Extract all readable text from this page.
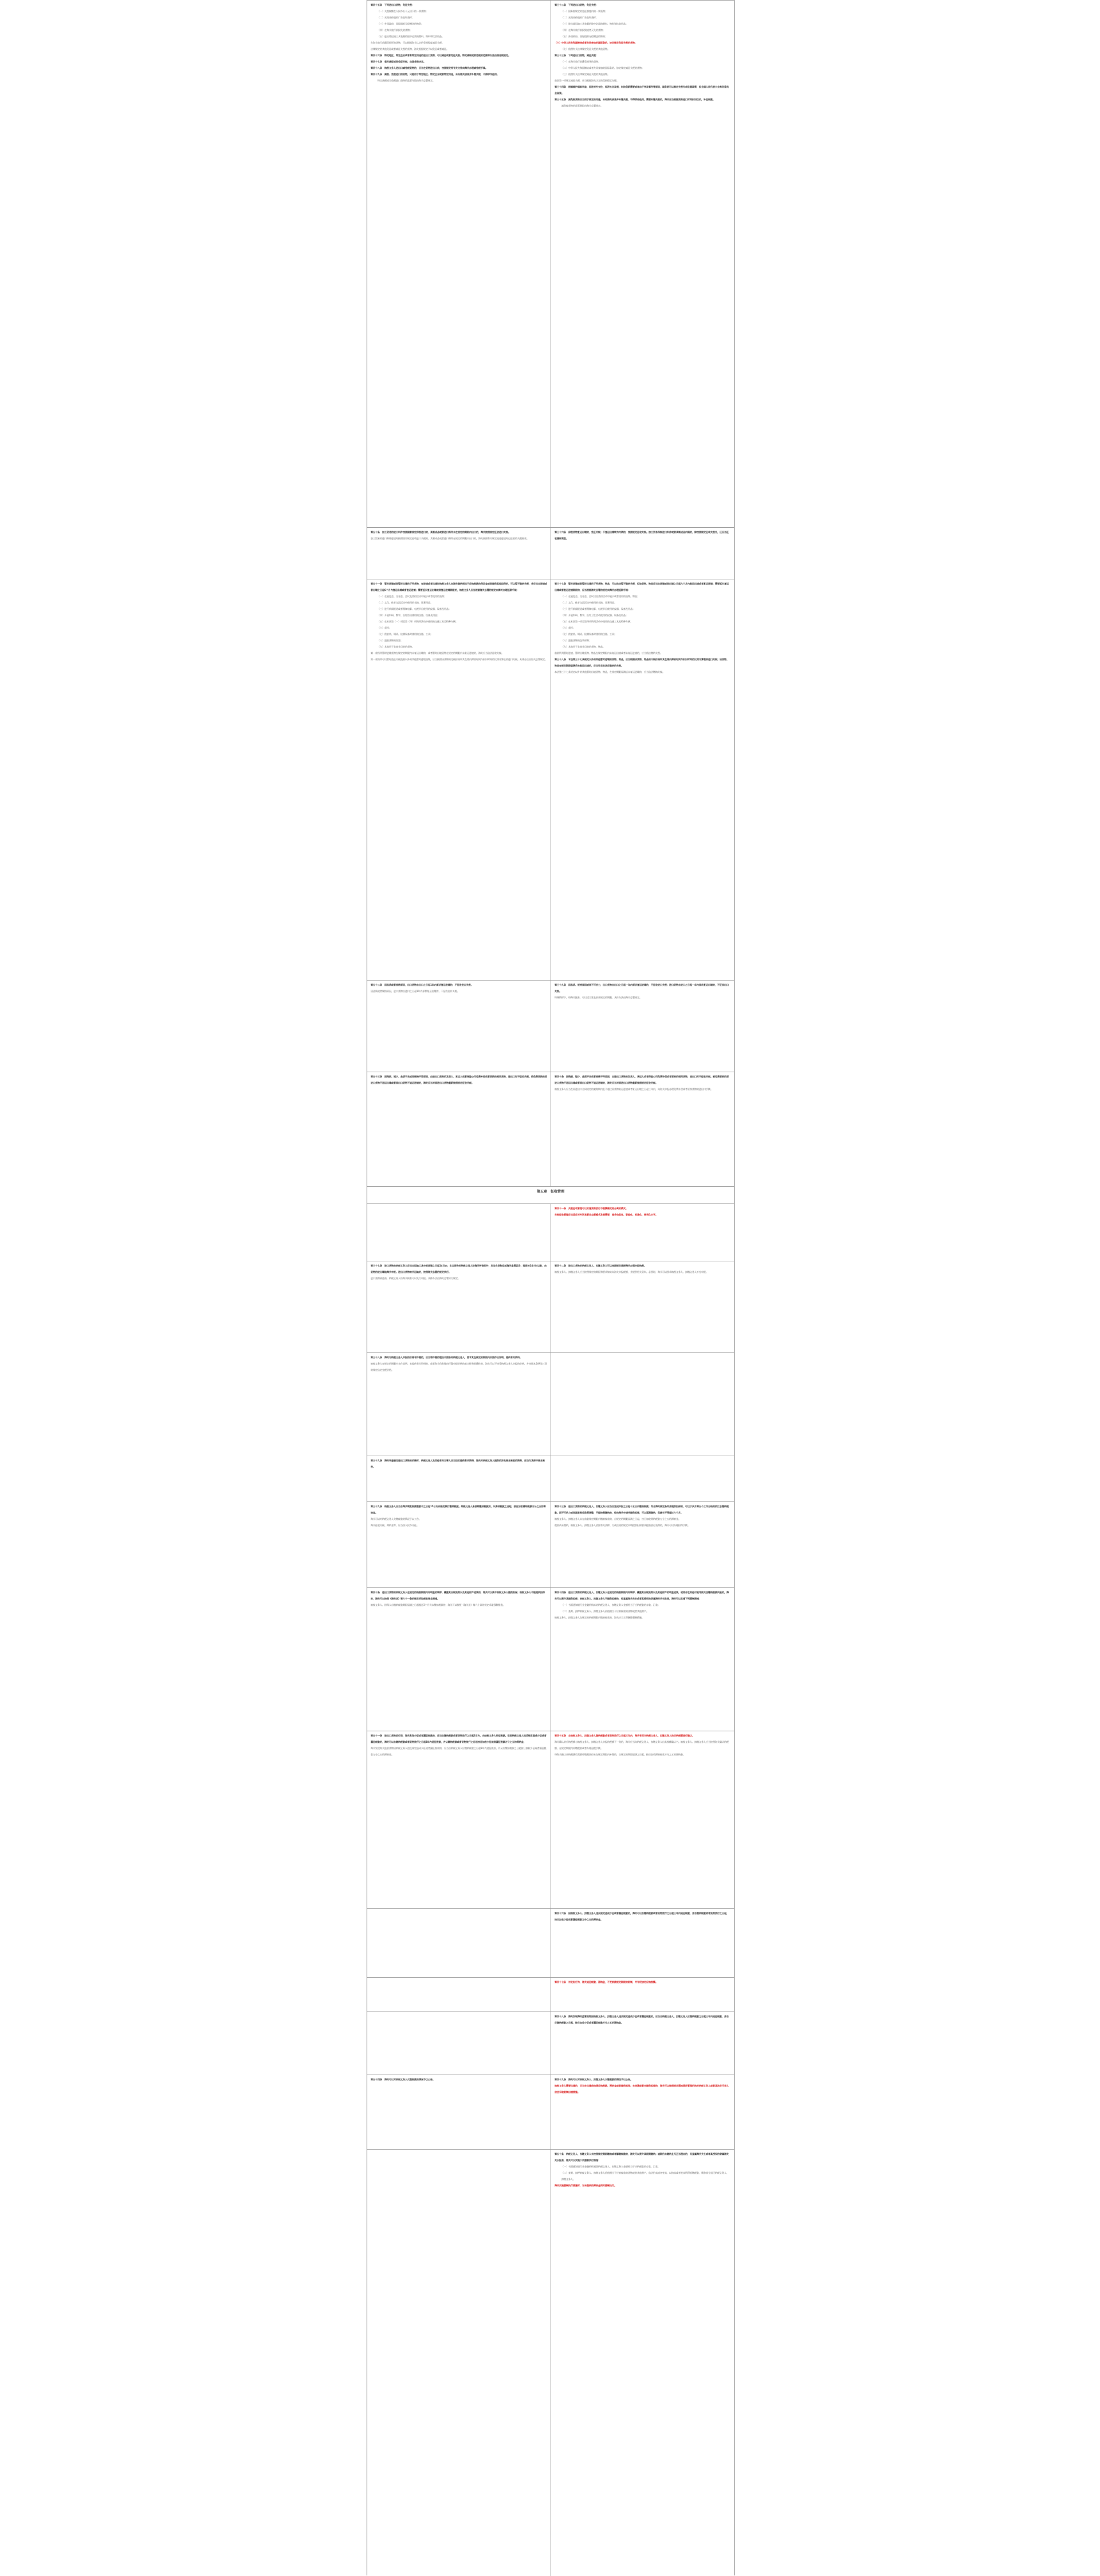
第四十五条　下列进出口货物，免征关税：

（一）关税税额在人民币五十元以下的一票货物；

（二）无商业价值的广告品和货样；

（三）外国政府、国际组织无偿赠送的物资；

（四）在海关放行前损失的货物；

（五）进出境运输工具装载的途中必需的燃料、物料和饮食用品。

在海关放行前遭受损坏的货物，可以根据海关认定的受损程度减征关税。

法律规定的其他免征或者减征关税的货物，海关根据规定予以免征或者减征。

第四十六条　特定地区、特定企业或者有特定用途的进出口货物，可以减征或者免征关税。特定减税或者免税的范围和办法由国务院规定。

第四十七条　临时减征或者免征关税，由国务院决定。

第四十八条　纳税义务人进出口减免税货物的，应当在货物进出口前，按照规定持有关文件向海关办理减免税手续。

第四十九条　减税、免税进口的货物，只能用于特定地区、特定企业或者特定用途，未经海关核准并补缴关税，不得移作他用。

特定减税或者免税进口货物的监管年限由海关总署规定。

第三十二条　下列进出口货物，免征关税：

（一）国务院规定的免征额度内的一票货物；

（二）无商业价值的广告品和货样；

（三）进出境运输工具装载的途中必需的燃料、物料和饮食用品；

（四）在海关放行前损毁或者灭失的货物；

（五）外国政府、国际组织无偿赠送的物资；

（六）中华人民共和国缔结或者共同参加的国际条约、协定规定免征关税的货物；

（七）依照有关法律规定免征关税的其他货物。

第三十三条　下列进出口货物，减征关税：

（一）在海关放行前遭受损坏的货物；

（二）中华人民共和国缔结或者共同参加的国际条约、协定规定减征关税的货物；

（三）依照有关法律规定减征关税的其他货物。

前款第一项规定减征关税，应当根据海关认定的受损程度办理。

第三十四条　根据维护国家利益、促进对外交往、经济社会发展、科技创新需要或者由于突发事件等原因，国务院可以制定关税专项优惠政策，报全国人民代表大会常务委员会备案。

第三十五条　减免税货物应当用于规定的用途，未经海关核准并补缴关税，不得移作他用。需要补缴关税的，海关应当根据货物进口时间折旧估价，补征税款。

减免税货物的监管期限由海关总署规定。

第五十条　加工贸易的进口料件按照国家规定保税进口的，其制成品或者进口料件未在规定的期限内出口的，海关按照规定征收进口关税。

加工贸易的进口料件进境时按照国家规定征收进口关税的，其制成品或者进口料件在规定的期限内出口的，海关按照有关规定退还进境时已征收的关税税款。

第三十六条　保税货物复运出境的，免征关税；不复运出境转为内销的，按照规定征收关税。加工贸易保税进口料件或者其制成品内销的，除按照规定征收关税外，还应当征收缓税利息。

第五十一条　暂时进境或者暂时出境的下列货物，在进境或者出境时纳税义务人向海关缴纳相当于应纳税款的保证金或者提供其他担保的，可以暂不缴纳关税，并应当自进境或者出境之日起6个月内复运出境或者复运进境；需要延长复运出境或者复运进境期限的，纳税义务人应当根据海关总署的规定向海关办理延期手续：

（一）在展览会、交易会、会议及类似活动中展示或者使用的货物；

（二）文化、体育交流活动中使用的表演、比赛用品；

（三）进行新闻报道或者摄制电影、电视节目使用的仪器、设备及用品；

（四）开展科研、教学、医疗活动使用的仪器、设备及用品；

（五）在本款第（一）项至第（四）项所列活动中使用的交通工具及特种车辆；

（六）货样；

（七）供安装、调试、检测设备时使用的仪器、工具；

（八）盛装货物的容器；

（九）其他用于非商业目的的货物。

第一款所列暂时进境货物在规定的期限内未复运出境的，或者暂时出境货物在规定的期限内未复运进境的，海关应当依法征收关税。

第一款所列可以暂时免征关税范围以外的其他暂时进境货物，应当按照该货物的完税价格和其在境内滞留时间与折旧时间的比例计算征收进口关税。具体办法由海关总署规定。

第三十七条　暂时进境或者暂时出境的下列货物、物品，可以依法暂不缴纳关税，但该货物、物品应当自进境或者出境之日起六个月内复运出境或者复运进境；需要延长复运出境或者复运进境期限的，应当根据海关总署的规定向海关办理延期手续：

（一）在展览会、交易会、会议以及类似活动中展示或者使用的货物、物品；

（二）文化、体育交流活动中使用的表演、比赛用品；

（三）进行新闻报道或者摄制电影、电视节目使用的仪器、设备及用品；

（四）开展科研、教学、医疗卫生活动使用的仪器、设备及用品；

（五）在本款第一项至第四项所列活动中使用的交通工具及特种车辆；

（六）货样；

（七）供安装、调试、检测设备时使用的仪器、工具；

（八）盛装货物的包装材料；

（九）其他用于非商业目的的货物、物品。

前款所列暂时进境、暂时出境货物、物品在规定期限内未复运出境或者未复运进境的，应当依法缴纳关税。

第三十八条　本法第三十七条规定以外的其他暂时进境的货物、物品，应当根据该货物、物品的计税价格和其在境内滞留时间与折旧时间的比例计算缴纳进口关税；该货物、物品在规定期限届满后未复运出境的，应当补足依法应缴纳的关税。

本法第三十七条规定以外的其他暂时出境货物、物品，在规定期限届满后未复运进境的，应当依法缴纳关税。

第五十二条　因品质或者规格原因，出口货物自出口之日起1年内原状复运进境的，不征收进口关税。

因品质或者规格原因，进口货物自进口之日起1年内原状复运出境的，不征收出口关税。

第三十九条　因品质、规格原因或者不可抗力，出口货物自出口之日起一年内原状复运进境的，不征收进口关税；进口货物自进口之日起一年内原状复运出境的，不征收出口关税。

特殊情形下，经海关批准，可以适当延长前款规定的期限，具体办法由海关总署规定。

第五十三条　因残损、短少、品质不良或者规格不符原因，由进出口货物的发货人、承运人或者保险公司免费补偿或者更换的相同货物，进出口时不征收关税。被免费更换的原进口货物不退运出境或者原出口货物不退运进境的，海关应当对原进出口货物重新按照规定征收关税。

第四十条　因残损、短少、品质不良或者规格不符原因，由进出口货物的发货人、承运人或者保险公司免费补偿或者更换的相同货物，进出口时不征收关税。被免费更换的原进口货物不退运出境或者原出口货物不退运进境的，海关应当对原进出口货物重新按照规定征收关税。

纳税义务人应当在原进出口合同规定的索赔期内且不超过原货物复运进境或者复运出境之日起三年内，向海关申报办理免费补偿或者更换货物的进出口手续。

第五章　征收管理

第四十一条　关税征收管理可以实施货物放行与税额确定相分离的模式。

关税征收管理应当适应对外贸易新业态新模式发展需要，提升信息化、智能化、标准化、便利化水平。

第三十七条　进口货物的纳税义务人应当自运输工具申报进境之日起14日内，出口货物的纳税义务人除海关特准的外，应当在货物运抵海关监管区后、装货的24小时以前，向货物的进出境地海关申报。进出口货物转关运输的，按照海关总署的规定执行。

进口货物到达前，纳税义务人经海关核准可以先行申报。具体办法由海关总署另行规定。

第四十二条　进出口货物的纳税义务人、扣缴义务人可以按照规定选择海关办理申报纳税。

纳税义务人、扣缴义务人应当按照规定的期限和要求如实向海关申报税额，并提供相关资料。必要时，海关可以要求纳税义务人、扣缴义务人补充申报。

第三十八条　海关对纳税义务人申报的价格有怀疑的，应当将怀疑的理由书面告知纳税义务人，要求其在规定的期限内书面作出说明、提供有关资料。

纳税义务人在规定的期限内未作说明、未提供有关资料的，或者海关仍有理由怀疑申报价格的真实性和准确性的，海关可以不接受纳税义务人申报的价格，并按照本条例第三章的规定估定完税价格。

第三十九条　海关审查确定进出口货物的价格时，纳税义务人及其他有关当事人应当如实提供有关资料，海关对纳税义务人提供的涉及商业秘密的资料，应当为其保守商业秘密。

第三十九条　纳税义务人应当自海关填发税款缴款书之日起15日内向指定银行缴纳税款。纳税义务人未按期缴纳税款的，从滞纳税款之日起，按日加收滞纳税款万分之五的滞纳金。

海关可以对纳税义务人欠缴税款的情况予以公告。

海关征收关税、滞纳金等，应当按人民币计征。

第四十三条　进出口货物的纳税义务人、扣缴义务人应当自完成申报之日起十五日内缴纳税款；符合海关规定条件并提供担保的，可以于次月第五个工作日结束前汇总缴纳税款。因不可抗力或者国家税收政策调整，不能按期缴纳的，经向海关申请并提供担保，可以延期缴纳，但最长不得超过六个月。

纳税义务人、扣缴义务人未在前款规定期限内缴纳税款的，自规定的期限届满之日起，按日加收滞纳税款万分之五的滞纳金。

税款尚未缴纳，纳税义务人、扣缴义务人依照有关法律、行政法规的规定申请提供担保要求提前放行货物的，海关可以办理担保手续。

第四十条　进出口货物的纳税义务人在规定的纳税期限内有明显的转移、藏匿其应税货物以及其他财产迹象的，海关可以责令纳税义务人提供担保；纳税义务人不能提供担保的，海关可以按照《海关法》第六十一条的规定采取税收保全措施。

纳税义务人、担保人自缴纳税款期限届满之日起超过3个月仍未缴纳税款的，海关可以按照《海关法》第六十条的规定采取强制措施。

第四十四条　进出口货物的纳税义务人、扣缴义务人在规定的纳税期限内有转移、藏匿其应税货物以及其他财产的明显迹象，或者存在其他可能导致无法缴纳税款风险的，海关可以责令其提供担保；纳税义务人、扣缴义务人不提供担保的，经直属海关关长或者其授权的隶属海关关长批准，海关可以实施下列强制措施：

（一）书面通知银行业金融机构冻结纳税义务人、扣缴义务人金额相当于应纳税款的存款、汇款；

（二）查封、扣押纳税义务人、扣缴义务人价值相当于应纳税款的货物或者其他财产。

纳税义务人、扣缴义务人在规定的纳税期限内缴纳税款的，海关应当立即解除强制措施。

第五十一条　进出口货物放行后，海关发现少征或者漏征税款的，应当自缴纳税款或者货物放行之日起1年内，向纳税义务人补征税款。但因纳税义务人违反规定造成少征或者漏征税款的，海关可以自缴纳税款或者货物放行之日起3年内追征税款，并从缴纳税款或者货物放行之日起按日加收少征或者漏征税款万分之五的滞纳金。

海关发现海关监管货物因纳税义务人违反规定造成少征或者漏征税款的，应当自纳税义务人应缴纳税款之日起3年内追征税款，并从应缴纳税款之日起按日加收少征或者漏征税款万分之五的滞纳金。

第四十五条　自纳税义务人、扣缴义务人缴纳税款或者货物放行之日起三年内，海关有权对纳税义务人、扣缴义务人的应纳税额进行确认。

海关确认的应纳税额与纳税义务人、扣缴义务人申报的税额不一致的，海关应当向纳税义务人、扣缴义务人出具税额确认书。纳税义务人、扣缴义务人应当按照海关确认的税额，在规定期限内补缴税款或者办理退税手续。

经海关确认应纳税额后需要补缴税款但未在规定期限内补缴的，自规定的期限届满之日起，按日加收滞纳税款万分之五的滞纳金。

第四十六条　因纳税义务人、扣缴义务人违反规定造成少征或者漏征税款的，海关可以自缴纳税款或者货物放行之日起三年内追征税款，并自缴纳税款或者货物放行之日起，按日加收少征或者漏征税款万分之五的滞纳金。

第四十七条　对走私行为，海关追征税款、滞纳金，不受前款规定期限的限制，并有权核定应纳税额。

第四十八条　海关发现海关监管货物因纳税义务人、扣缴义务人违反规定造成少征或者漏征税款的，应当自纳税义务人、扣缴义务人应缴纳税款之日起三年内追征税款，并自应缴纳税款之日起，按日加收少征或者漏征税款万分之五的滞纳金。

第五十四条　海关可以对纳税义务人欠缴税款的情况予以公告。	第四十九条　海关可以对纳税义务人、扣缴义务人欠缴税款的情况予以公告。

纳税义务人需要出境的，应当在出境前结清应纳税款、滞纳金或者提供担保；未结清或者未提供担保的，海关可以按照规定通知移民管理机构对纳税义务人或者其法定代表人依法采取限制出境措施。

第五十条　纳税义务人、扣缴义务人未按照规定期限缴纳或者解缴税款的，海关可以责令其限期缴纳；逾期仍未缴纳且无正当理由的，经直属海关关长或者其授权的隶属海关关长批准，海关可以实施下列强制执行措施：

（一）书面通知银行业金融机构划拨纳税义务人、扣缴义务人金额相当于应纳税款的存款、汇款；

（二）查封、扣押纳税义务人、扣缴义务人价值相当于应纳税款的货物或者其他财产，依法拍卖或者变卖，以拍卖或者变卖所得抵缴税款，剩余部分退还纳税义务人、扣缴义务人。

海关实施强制执行措施时，对未缴纳的滞纳金同时强制执行。
